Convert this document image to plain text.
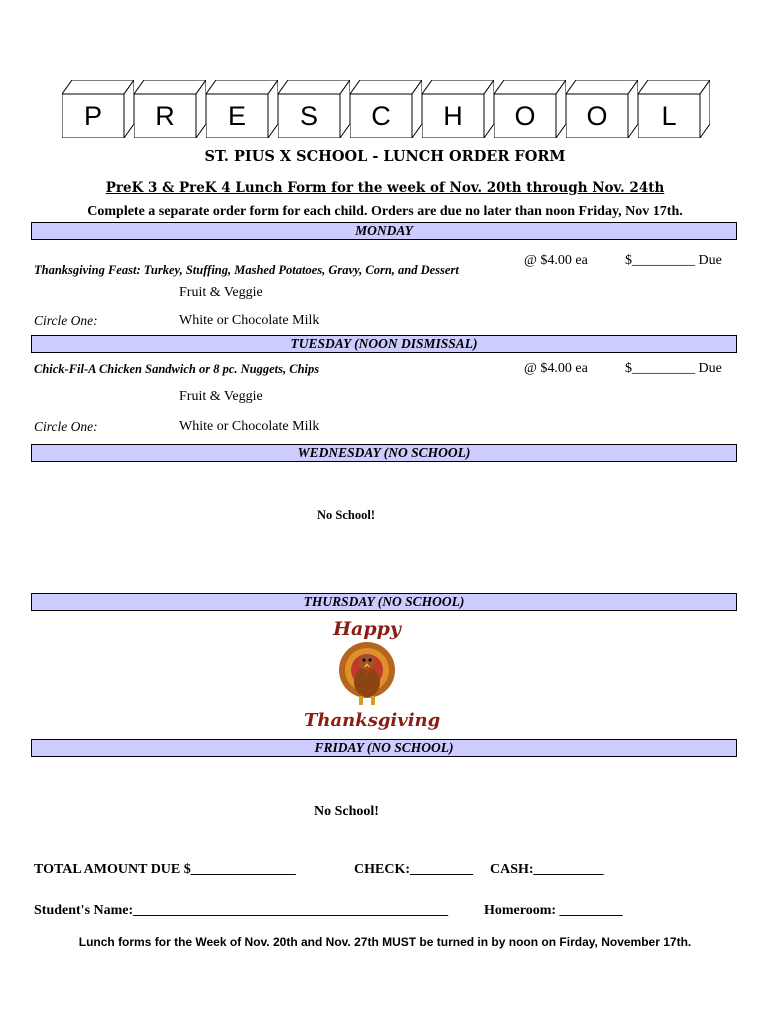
P	R	E	S	C	H	O	O	L
ST. PIUS X SCHOOL - LUNCH ORDER FORM
PreK 3 & PreK 4 Lunch Form for the week of Nov. 20th through Nov. 24th
Complete a separate order form for each child. Orders are due no later than noon Friday, Nov 17th.
MONDAY
Thanksgiving Feast: Turkey, Stuffing, Mashed Potatoes, Gravy, Corn, and Dessert
@ $4.00 ea	$_________ Due
Fruit & Veggie
Circle One:	White or Chocolate Milk
TUESDAY (NOON DISMISSAL)
Chick-Fil-A Chicken Sandwich or 8 pc. Nuggets, Chips	@ $4.00 ea	$_________ Due
Fruit & Veggie
Circle One:	White or Chocolate Milk
WEDNESDAY (NO SCHOOL)
No School!
THURSDAY (NO SCHOOL)
Happy
Thanksgiving
FRIDAY (NO SCHOOL)
No School!
TOTAL AMOUNT DUE $_______________	CHECK:_________ CASH:__________
Student's Name:_____________________________________________	Homeroom: _________
Lunch forms for the Week of Nov. 20th and Nov. 27th MUST be turned in by noon on Firday, November 17th.
